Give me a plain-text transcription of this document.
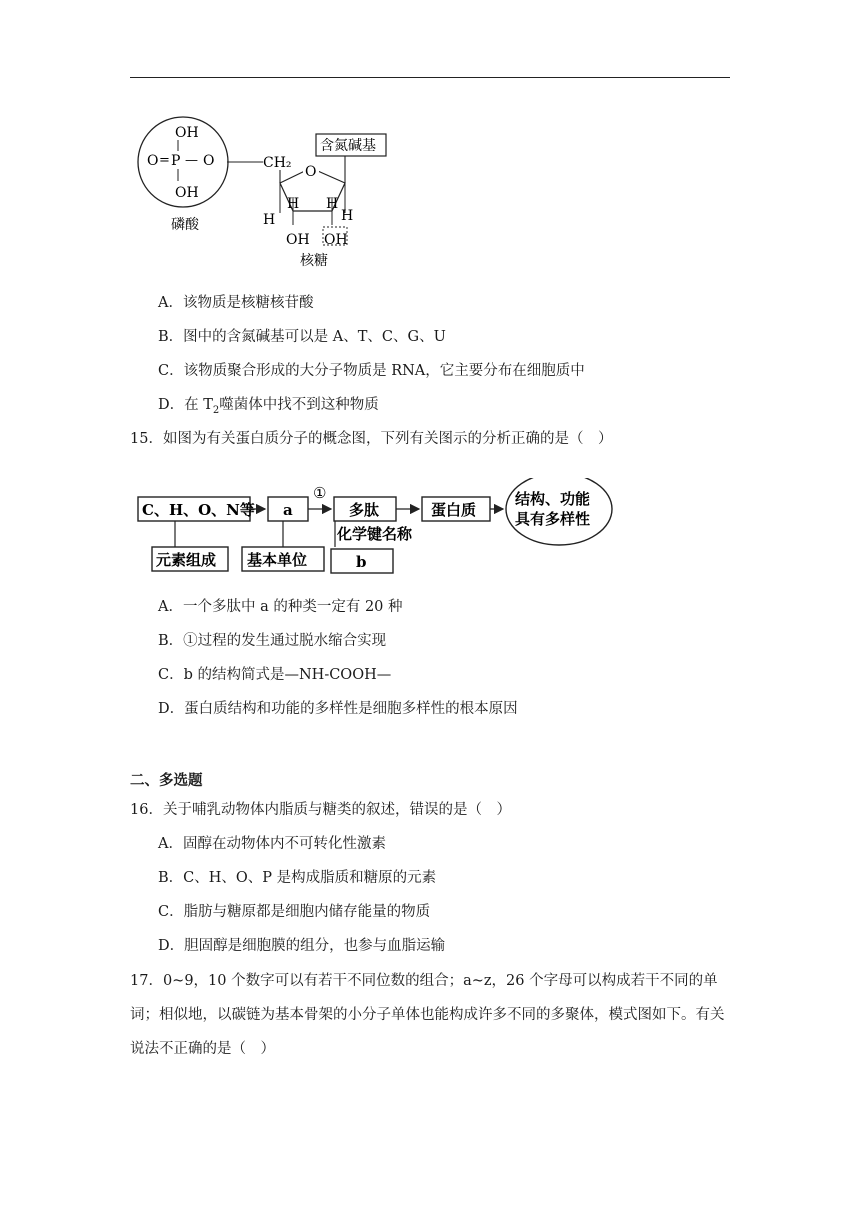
OH
O = P — O
OH
磷酸
CH₂
O
含氮碱基
H
H H
H
OH OH
核糖
A．该物质是核糖核苷酸
B．图中的含氮碱基可以是 A、T、C、G、U
C．该物质聚合形成的大分子物质是 RNA，它主要分布在细胞质中
D．在 $T_2$噬菌体中找不到这种物质
15．如图为有关蛋白质分子的概念图，下列有关图示的分析正确的是（　）
C、H、O、N等 a
①
多肽	蛋白质
结构、功能
具有多样性
元素组成 基本单位
化学键名称
b
A．一个多肽中 a 的种类一定有 20 种
B．①过程的发生通过脱水缩合实现
C．b 的结构简式是—NH-COOH—
D．蛋白质结构和功能的多样性是细胞多样性的根本原因
二、多选题
16．关于哺乳动物体内脂质与糖类的叙述，错误的是（　）
A．固醇在动物体内不可转化性激素
B．C、H、O、P 是构成脂质和糖原的元素
C．脂肪与糖原都是细胞内储存能量的物质
D．胆固醇是细胞膜的组分，也参与血脂运输
17．0~9，10 个数字可以有若干不同位数的组合；a~z，26 个字母可以构成若干不同的单词；相似地，以碳链为基本骨架的小分子单体也能构成许多不同的多聚体，模式图如下。有关说法不正确的是（　）
